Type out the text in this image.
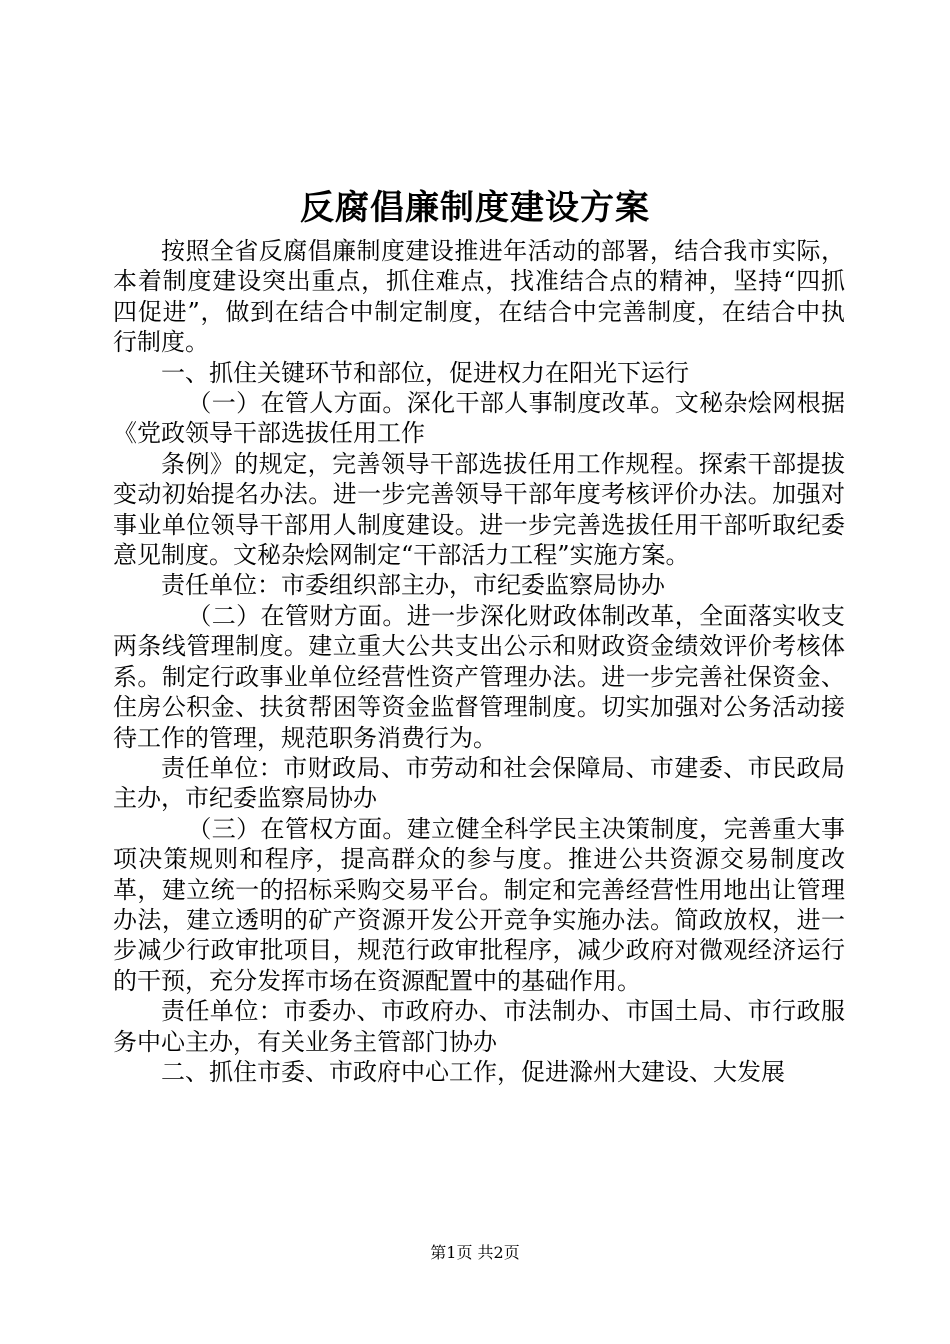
反腐倡廉制度建设方案

按照全省反腐倡廉制度建设推进年活动的部署，结合我市实际，本着制度建设突出重点，抓住难点，找准结合点的精神，坚持“四抓四促进”，做到在结合中制定制度，在结合中完善制度，在结合中执行制度。

一、抓住关键环节和部位，促进权力在阳光下运行

（一）在管人方面。深化干部人事制度改革。文秘杂烩网根据《党政领导干部选拔任用工作

条例》的规定，完善领导干部选拔任用工作规程。探索干部提拔变动初始提名办法。进一步完善领导干部年度考核评价办法。加强对事业单位领导干部用人制度建设。进一步完善选拔任用干部听取纪委意见制度。文秘杂烩网制定“干部活力工程”实施方案。

责任单位：市委组织部主办，市纪委监察局协办

（二）在管财方面。进一步深化财政体制改革，全面落实收支两条线管理制度。建立重大公共支出公示和财政资金绩效评价考核体系。制定行政事业单位经营性资产管理办法。进一步完善社保资金、住房公积金、扶贫帮困等资金监督管理制度。切实加强对公务活动接待工作的管理，规范职务消费行为。

责任单位：市财政局、市劳动和社会保障局、市建委、市民政局主办，市纪委监察局协办

（三）在管权方面。建立健全科学民主决策制度，完善重大事项决策规则和程序，提高群众的参与度。推进公共资源交易制度改革，建立统一的招标采购交易平台。制定和完善经营性用地出让管理办法，建立透明的矿产资源开发公开竞争实施办法。简政放权，进一步减少行政审批项目，规范行政审批程序，减少政府对微观经济运行的干预，充分发挥市场在资源配置中的基础作用。

责任单位：市委办、市政府办、市法制办、市国土局、市行政服务中心主办，有关业务主管部门协办

二、抓住市委、市政府中心工作，促进滁州大建设、大发展

第1页 共2页
